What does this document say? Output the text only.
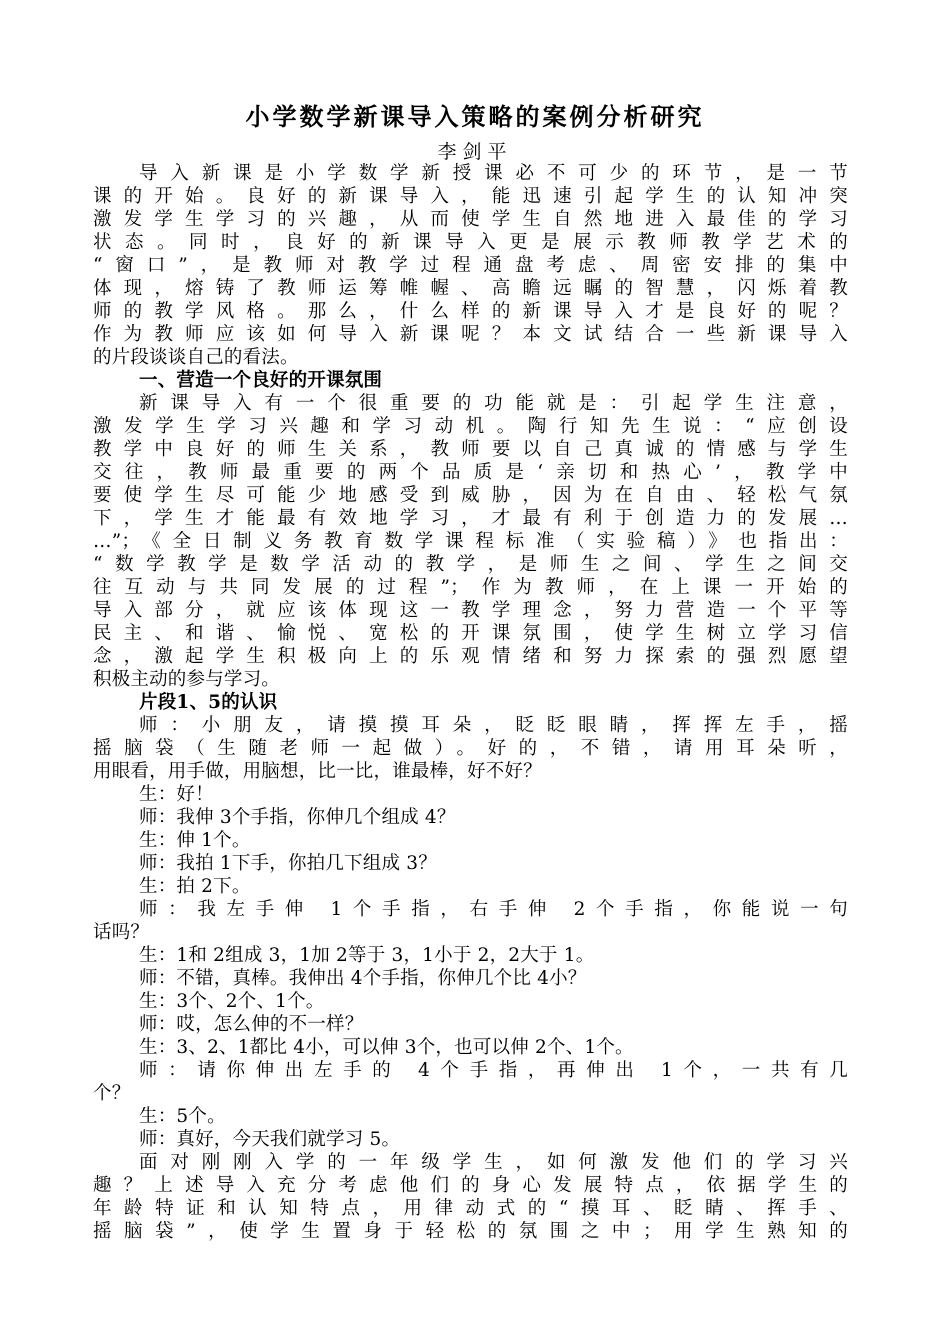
小学数学新课导入策略的案例分析研究
李剑平
导入新课是小学数学新授课必不可少的环节，是一节
课的开始。良好的新课导入，能迅速引起学生的认知冲突
激发学生学习的兴趣，从而使学生自然地进入最佳的学习
状态。同时，良好的新课导入更是展示教师教学艺术的
“窗口”，是教师对教学过程通盘考虑、周密安排的集中
体现，熔铸了教师运筹帷幄、高瞻远瞩的智慧，闪烁着教
师的教学风格。那么，什么样的新课导入才是良好的呢？
作为教师应该如何导入新课呢？本文试结合一些新课导入
的片段谈谈自己的看法。
一、营造一个良好的开课氛围
新课导入有一个很重要的功能就是：引起学生注意，
激发学生学习兴趣和学习动机。陶行知先生说：“应创设
教学中良好的师生关系，教师要以自己真诚的情感与学生
交往，教师最重要的两个品质是‘亲切和热心’，教学中
要使学生尽可能少地感受到威胁，因为在自由、轻松气氛
下，学生才能最有效地学习，才最有利于创造力的发展…
…”；《全日制义务教育数学课程标准（实验稿）》也指出：
“数学教学是数学活动的教学，是师生之间、学生之间交
往互动与共同发展的过程”；作为教师，在上课一开始的
导入部分，就应该体现这一教学理念，努力营造一个平等
民主、和谐、愉悦、宽松的开课氛围，使学生树立学习信
念，激起学生积极向上的乐观情绪和努力探索的强烈愿望
积极主动的参与学习。
片段1、5的认识
师：小朋友，请摸摸耳朵，眨眨眼睛，挥挥左手，摇
摇脑袋（生随老师一起做）。好的，不错，请用耳朵听，
用眼看，用手做，用脑想，比一比，谁最棒，好不好？
生：好！
师：我伸 3个手指，你伸几个组成 4？
生：伸 1个。
师：我拍 1下手，你拍几下组成 3？
生：拍 2下。
师：我左手伸 1个手指，右手伸 2个手指，你能说一句
话吗？
生：1和 2组成 3，1加 2等于 3，1小于 2，2大于 1。
师：不错，真棒。我伸出 4个手指，你伸几个比 4小？
生：3个、2个、1个。
师：哎，怎么伸的不一样？
生：3、2、1都比 4小，可以伸 3个，也可以伸 2个、1个。
师：请你伸出左手的 4个手指，再伸出 1个，一共有几
个？
生：5个。
师：真好，今天我们就学习 5。
面对刚刚入学的一年级学生，如何激发他们的学习兴
趣？上述导入充分考虑他们的身心发展特点，依据学生的
年龄特证和认知特点，用律动式的“摸耳、眨睛、挥手、
摇脑袋”，使学生置身于轻松的氛围之中；用学生熟知的
